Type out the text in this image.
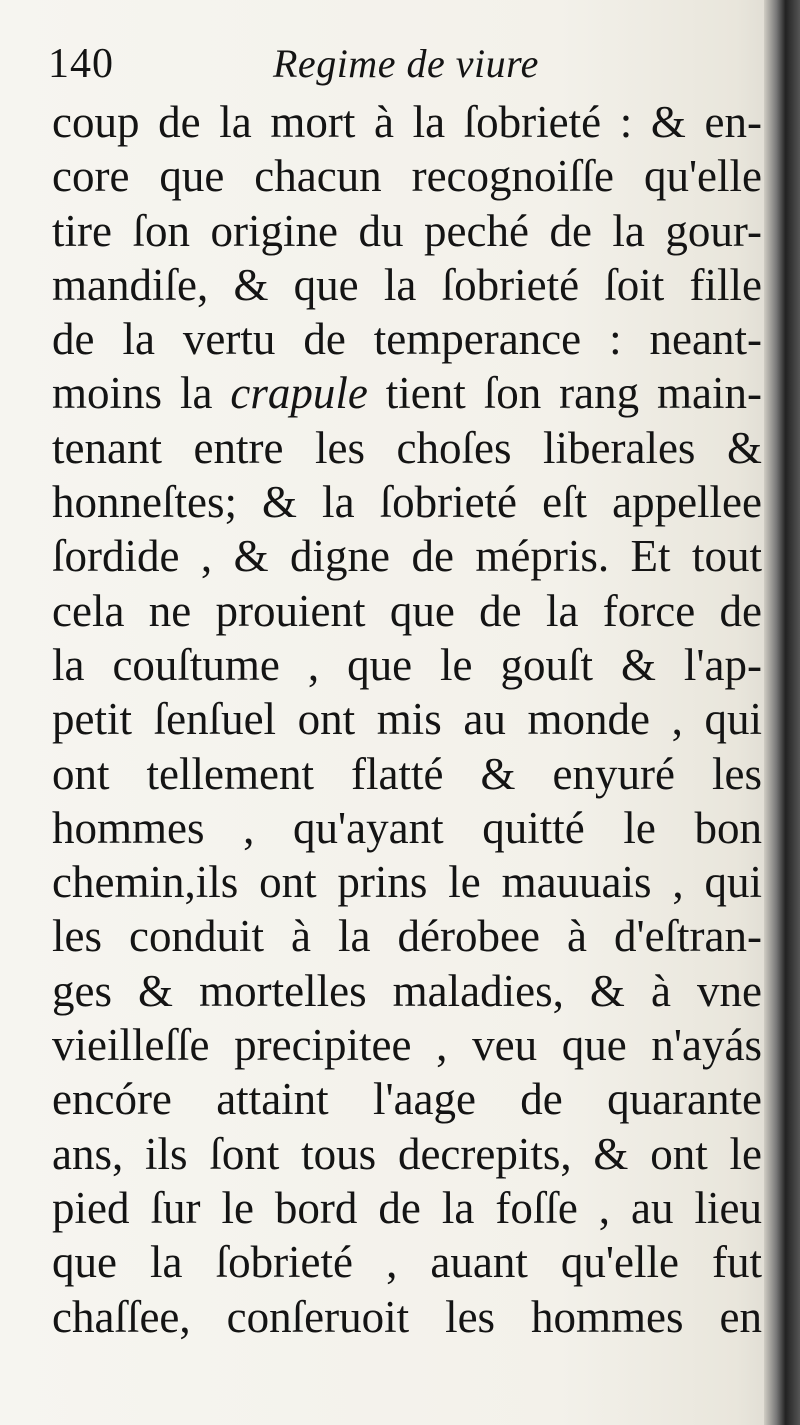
140	Regime de viure
coup de la mort à la ſobrieté : & en-
core que chacun recognoiſſe qu'elle
tire ſon origine du peché de la gour-
mandiſe, & que la ſobrieté ſoit fille
de la vertu de temperance : neant-
moins la crapule tient ſon rang main-
tenant entre les choſes liberales &
honneſtes; & la ſobrieté eſt appellee
ſordide , & digne de mépris. Et tout
cela ne prouient que de la force de
la couſtume , que le gouſt & l'ap-
petit ſenſuel ont mis au monde , qui
ont tellement flatté & enyuré les
hommes , qu'ayant quitté le bon
chemin,ils ont prins le mauuais , qui
les conduit à la dérobee à d'eſtran-
ges & mortelles maladies, & à vne
vieilleſſe precipitee , veu que n'ayás
encóre attaint l'aage de quarante
ans, ils ſont tous decrepits, & ont le
pied ſur le bord de la foſſe , au lieu
que la ſobrieté , auant qu'elle fut
chaſſee, conſeruoit les hommes en
